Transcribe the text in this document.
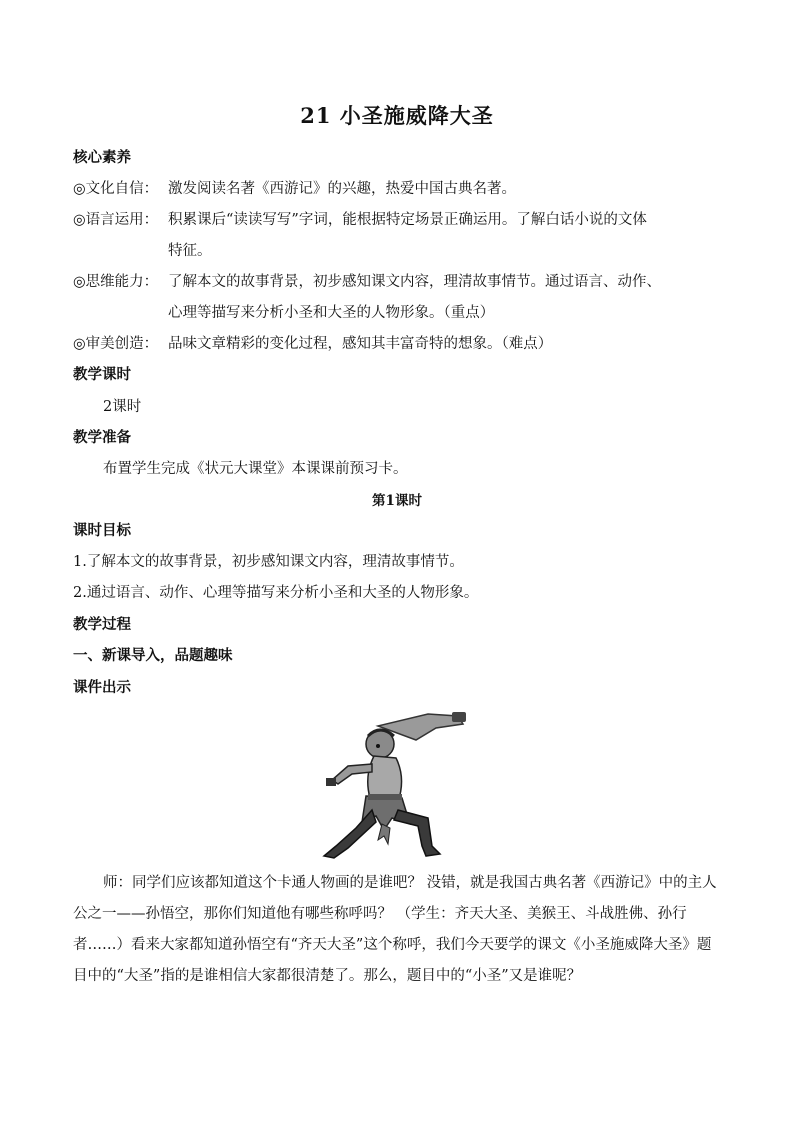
21 小圣施威降大圣
核心素养
◎文化自信： 激发阅读名著《西游记》的兴趣，热爱中国古典名著。
◎语言运用： 积累课后“读读写写”字词，能根据特定场景正确运用。了解白话小说的文体
特征。
◎思维能力： 了解本文的故事背景，初步感知课文内容，理清故事情节。通过语言、动作、
心理等描写来分析小圣和大圣的人物形象。（重点）
◎审美创造： 品味文章精彩的变化过程，感知其丰富奇特的想象。（难点）
教学课时
2课时
教学准备
布置学生完成《状元大课堂》本课课前预习卡。
第1课时
课时目标
1.了解本文的故事背景，初步感知课文内容，理清故事情节。
2.通过语言、动作、心理等描写来分析小圣和大圣的人物形象。
教学过程
一、新课导入，品题趣味
课件出示
师：同学们应该都知道这个卡通人物画的是谁吧？ 没错，就是我国古典名著《西游记》中的主人公之一——孙悟空，那你们知道他有哪些称呼吗？ （学生：齐天大圣、美猴王、斗战胜佛、孙行者……）看来大家都知道孙悟空有“齐天大圣”这个称呼，我们今天要学的课文《小圣施威降大圣》题目中的“大圣”指的是谁相信大家都很清楚了。那么，题目中的“小圣”又是谁呢？
